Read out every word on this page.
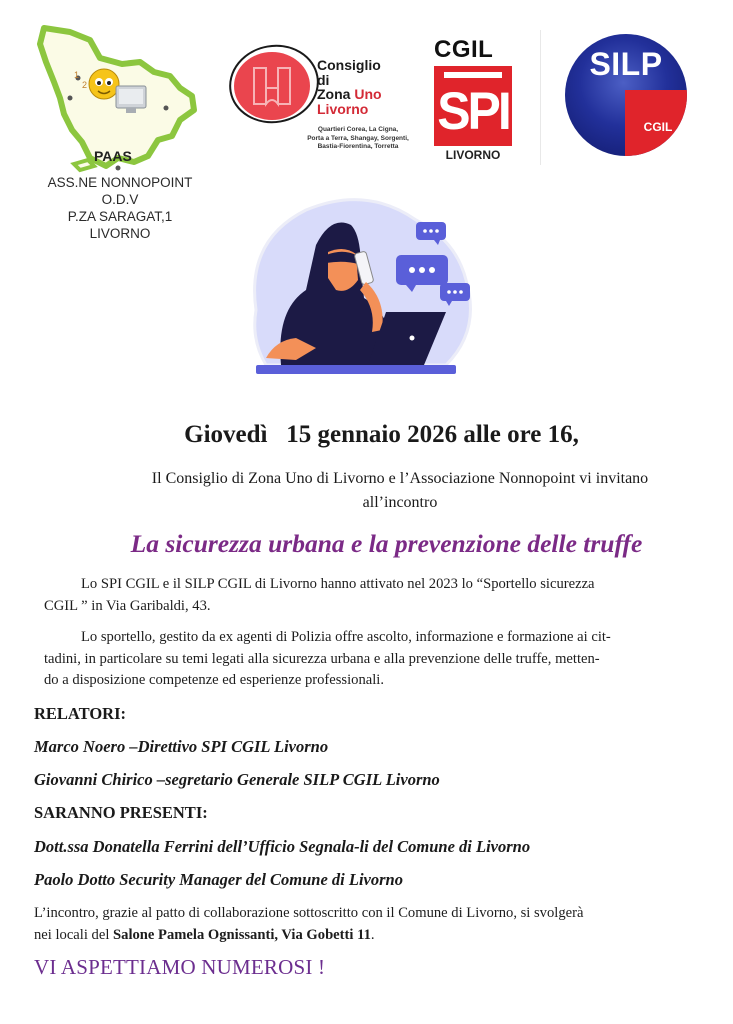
1
2
PAAS
ASS.NE NONNOPOINT
O.D.V
P.ZA SARAGAT,1
LIVORNO
Consiglio
di
Zona Uno
Livorno
Quartieri Corea, La Cigna,
Porta a Terra, Shangay, Sorgenti,
Bastia-Fiorentina, Torretta
CGIL
SPI
LIVORNO
SILP
CGIL
Giovedì   15 gennaio 2026 alle ore 16,
Il Consiglio di Zona Uno di Livorno e l’Associazione Nonnopoint vi invitano
all’incontro
La sicurezza urbana e la prevenzione delle truffe
Lo SPI CGIL e il SILP CGIL di Livorno hanno attivato nel 2023 lo “Sportello sicurezza
CGIL ” in Via Garibaldi, 43.
Lo sportello, gestito da ex agenti di Polizia offre ascolto, informazione e formazione ai cit-
tadini, in particolare su temi legati alla sicurezza urbana e alla prevenzione delle truffe, metten-
do a disposizione competenze ed esperienze professionali.
RELATORI:
Marco Noero –Direttivo SPI CGIL Livorno
Giovanni Chirico –segretario Generale SILP CGIL Livorno
SARANNO PRESENTI:
Dott.ssa Donatella Ferrini dell’Ufficio Segnala-li del Comune di Livorno
Paolo Dotto Security Manager del Comune di Livorno
L’incontro, grazie al patto di collaborazione sottoscritto con il Comune di Livorno, si svolgerà
nei locali del Salone Pamela Ognissanti, Via Gobetti 11.
VI ASPETTIAMO NUMEROSI !
